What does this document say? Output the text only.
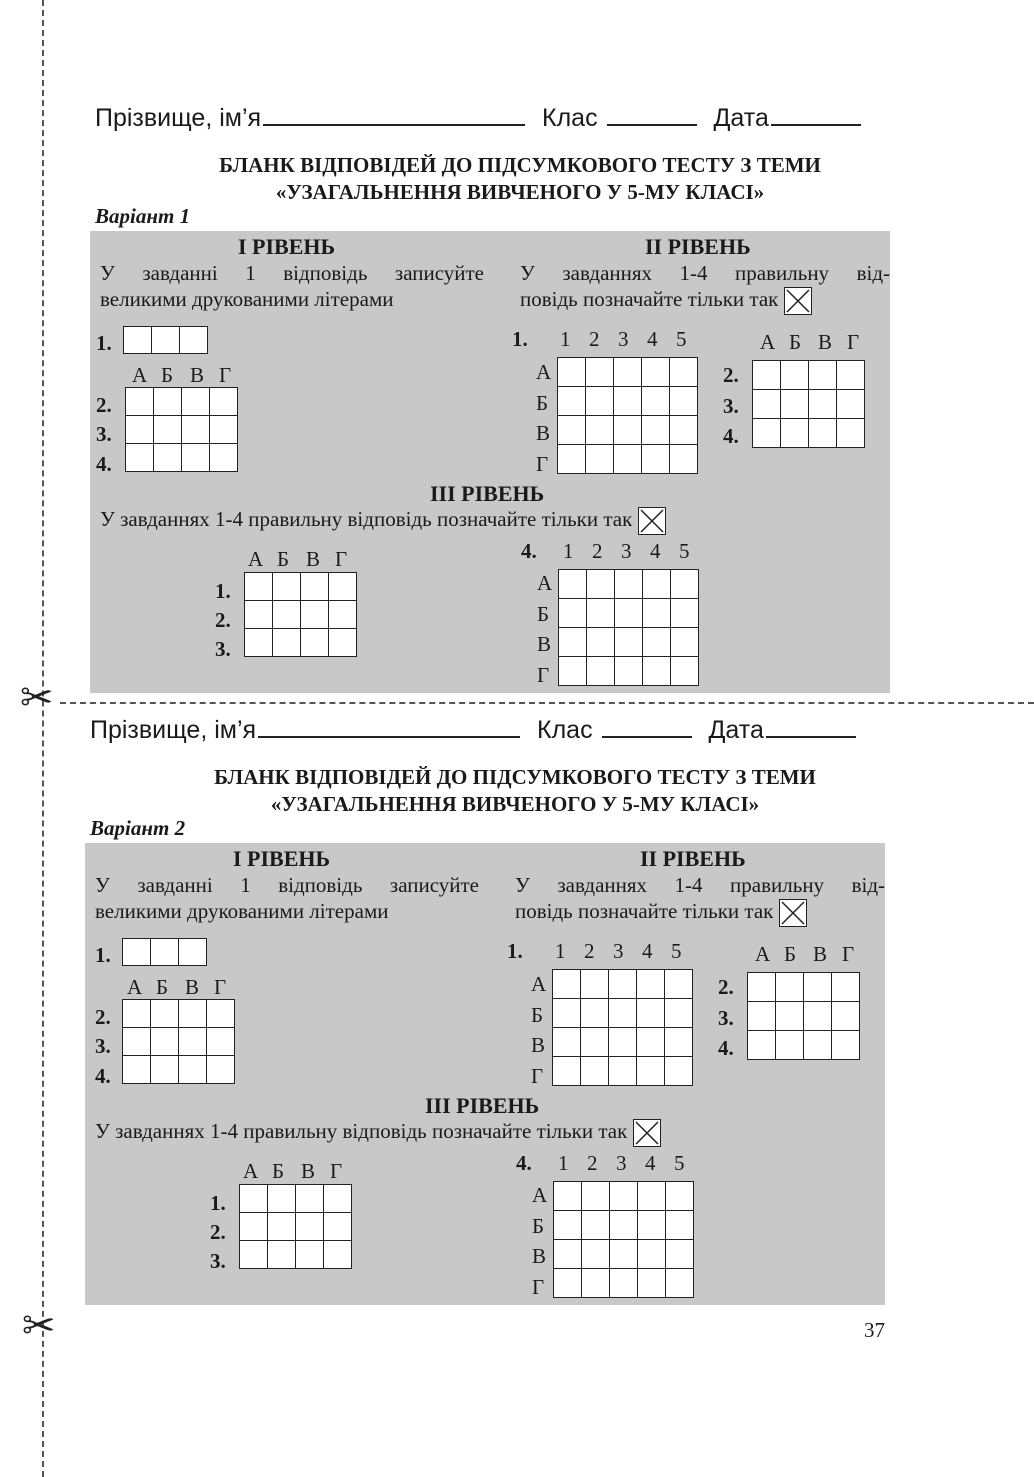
✂
✂
Прізвище, ім’я	Клас	Дата
БЛАНК ВІДПОВІДЕЙ ДО ПІДСУМКОВОГО ТЕСТУ З ТЕМИ
«УЗАГАЛЬНЕННЯ ВИВЧЕНОГО У 5-МУ КЛАСІ»
Варіант 1
І РІВЕНЬ	ІІ РІВЕНЬ
У завданні 1 відповідь записуйте великими друкованими літерами
У завданнях 1-4 правильну від-
повідь позначайте тільки так
1.

А Б В Г
2.
3.
4.

1. 1 2 3 4 5
А
Б
В
Г

А Б В Г
2.
3.
4.

ІІІ РІВЕНЬ
У завданнях 1-4 правильну відповідь позначайте тільки так
А Б В Г
1.
2.
3.

4. 1 2 3 4 5
А
Б
В
Г

Прізвище, ім’я	Клас	Дата
БЛАНК ВІДПОВІДЕЙ ДО ПІДСУМКОВОГО ТЕСТУ З ТЕМИ
«УЗАГАЛЬНЕННЯ ВИВЧЕНОГО У 5-МУ КЛАСІ»
Варіант 2
І РІВЕНЬ	ІІ РІВЕНЬ
У завданні 1 відповідь записуйте великими друкованими літерами
У завданнях 1-4 правильну від-
повідь позначайте тільки так
1.

А Б В Г
2.
3.
4.

1. 1 2 3 4 5
А
Б
В
Г

А Б В Г
2.
3.
4.

ІІІ РІВЕНЬ
У завданнях 1-4 правильну відповідь позначайте тільки так
А Б В Г
1.
2.
3.

4. 1 2 3 4 5
А
Б
В
Г

37
